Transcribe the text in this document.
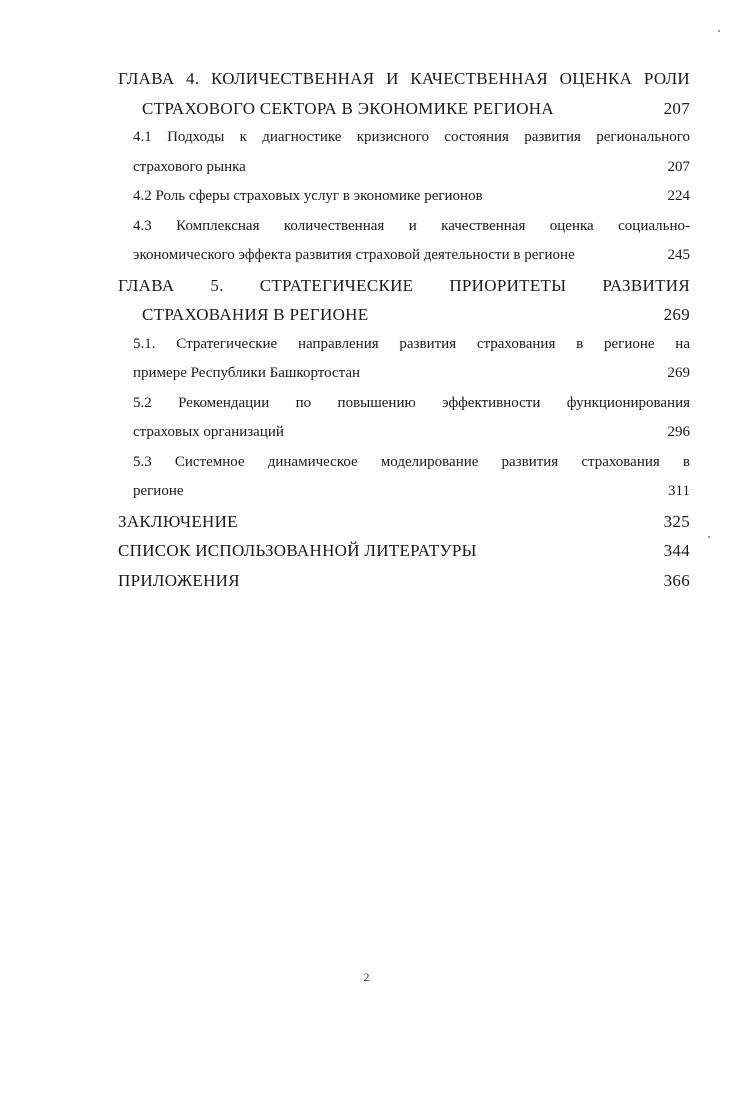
ГЛАВА 4. КОЛИЧЕСТВЕННАЯ И КАЧЕСТВЕННАЯ ОЦЕНКА РОЛИ
СТРАХОВОГО СЕКТОРА В ЭКОНОМИКЕ РЕГИОНА	207
4.1 Подходы к диагностике кризисного состояния развития регионального
страхового рынка	207
4.2 Роль сферы страховых услуг в экономике регионов	224
4.3 Комплексная количественная и качественная оценка социально-
экономического эффекта развития страховой деятельности в регионе	245
ГЛАВА 5. СТРАТЕГИЧЕСКИЕ ПРИОРИТЕТЫ РАЗВИТИЯ
СТРАХОВАНИЯ В РЕГИОНЕ	269
5.1. Стратегические направления развития страхования в регионе на
примере Республики Башкортостан	269
5.2 Рекомендации по повышению эффективности функционирования
страховых организаций	296
5.3 Системное динамическое моделирование развития страхования в
регионе	311
ЗАКЛЮЧЕНИЕ	325
СПИСОК ИСПОЛЬЗОВАННОЙ ЛИТЕРАТУРЫ	344
ПРИЛОЖЕНИЯ	366
2
